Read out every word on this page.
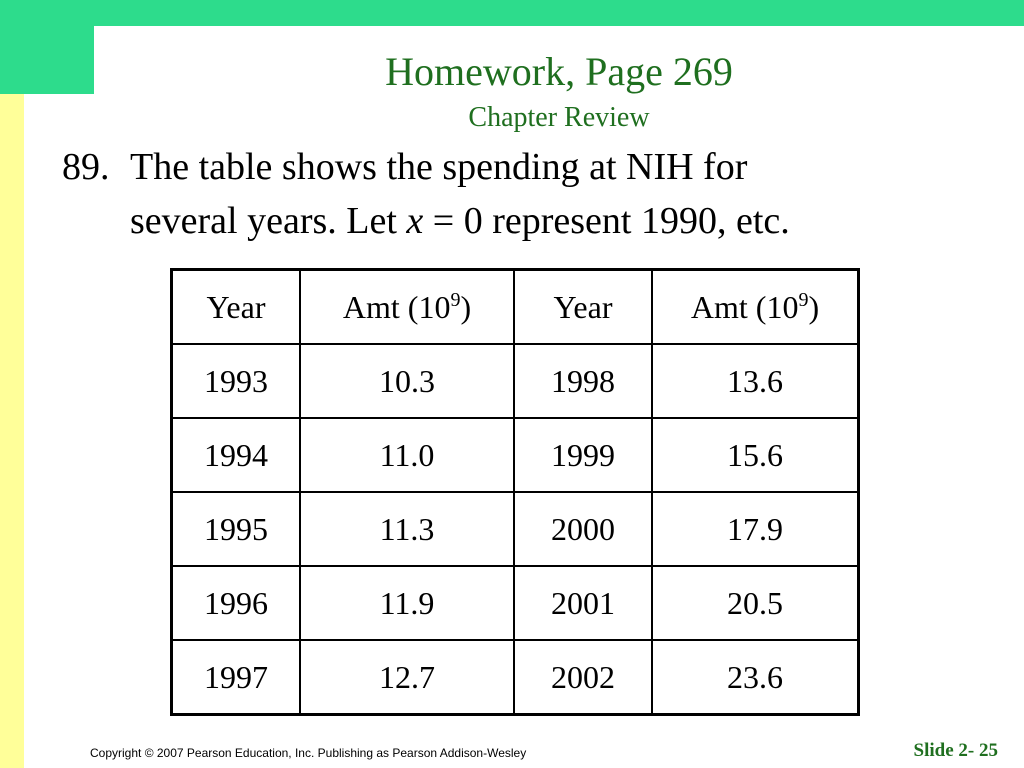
Homework, Page 269
Chapter Review
89. The table shows the spending at NIH for
several years. Let x = 0 represent 1990, etc.
Year	Amt $(10^9)$	Year	Amt $(10^9)$
1993	10.3	1998	13.6
1994	11.0	1999	15.6
1995	11.3	2000	17.9
1996	11.9	2001	20.5
1997	12.7	2002	23.6
Copyright © 2007 Pearson Education, Inc. Publishing as Pearson Addison-Wesley	Slide 2- 25
